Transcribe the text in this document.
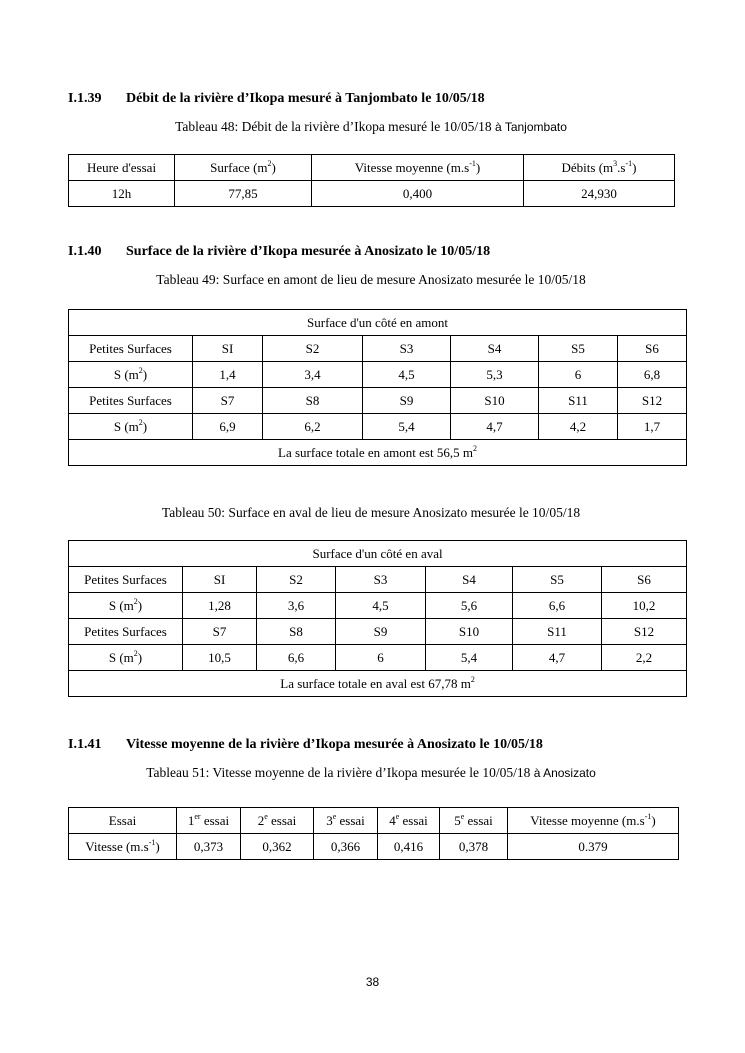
I.1.39 Débit de la rivière d’Ikopa mesuré à Tanjombato le 10/05/18
Tableau 48: Débit de la rivière d’Ikopa mesuré le 10/05/18 à Tanjombato
Heure d'essai	Surface $(m^2)$	Vitesse moyenne $(m.s^{-1})$	Débits $(m^3.s^{-1})$
12h	77,85	0,400	24,930
I.1.40 Surface de la rivière d’Ikopa mesurée à Anosizato le 10/05/18
Tableau 49: Surface en amont de lieu de mesure Anosizato mesurée le 10/05/18
Surface d'un côté en amont						
Petites Surfaces	SI	S2	S3	S4	S5	S6
S $(m^2)$	1,4	3,4	4,5	5,3	6	6,8
Petites Surfaces	S7	S8	S9	S10	S11	S12
S $(m^2)$	6,9	6,2	5,4	4,7	4,2	1,7
La surface totale en amont est 56,5 $m^2$
Tableau 50: Surface en aval de lieu de mesure Anosizato mesurée le 10/05/18
Surface d'un côté en aval						
Petites Surfaces	SI	S2	S3	S4	S5	S6
S $(m^2)$	1,28	3,6	4,5	5,6	6,6	10,2
Petites Surfaces	S7	S8	S9	S10	S11	S12
S $(m^2)$	10,5	6,6	6	5,4	4,7	2,2
La surface totale en aval est 67,78 $m^2$
I.1.41 Vitesse moyenne de la rivière d’Ikopa mesurée à Anosizato le 10/05/18
Tableau 51: Vitesse moyenne de la rivière d’Ikopa mesurée le 10/05/18 à Anosizato
Essai	1er essai	2e essai	3e essai	4e essai	5e essai	Vitesse moyenne $(m.s^{-1})$
Vitesse $(m.s^{-1})$	0,373	0,362	0,366	0,416	0,378	0.379
38
